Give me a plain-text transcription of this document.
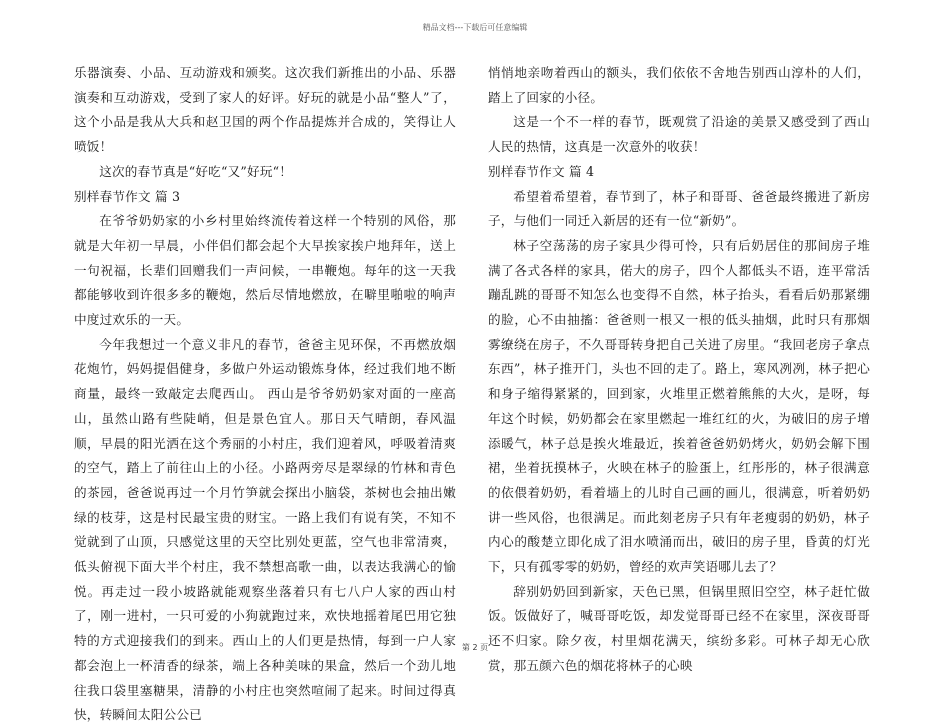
精品文档---下载后可任意编辑

乐器演奏、小品、互动游戏和颁奖。这次我们新推出的小品、乐器演奏和互动游戏，受到了家人的好评。好玩的就是小品“整人”了，这个小品是我从大兵和赵卫国的两个作品提炼并合成的，笑得让人喷饭！

这次的春节真是“好吃“又”好玩“！

别样春节作文 篇 3

在爷爷奶奶家的小乡村里始终流传着这样一个特别的风俗，那就是大年初一早晨，小伴侣们都会起个大早挨家挨户地拜年，送上一句祝福，长辈们回赠我们一声问候，一串鞭炮。每年的这一天我都能够收到许很多多的鞭炮，然后尽情地燃放，在噼里啪啦的响声中度过欢乐的一天。

今年我想过一个意义非凡的春节，爸爸主见环保，不再燃放烟花炮竹，妈妈提倡健身，多做户外运动锻炼身体，经过我们地不断商量，最终一致敲定去爬西山。 西山是爷爷奶奶家对面的一座高山，虽然山路有些陡峭，但是景色宜人。那日天气晴朗，春风温顺，早晨的阳光洒在这个秀丽的小村庄，我们迎着风，呼吸着清爽的空气，踏上了前往山上的小径。小路两旁尽是翠绿的竹林和青色的茶园，爸爸说再过一个月竹笋就会探出小脑袋，茶树也会抽出嫩绿的枝芽，这是村民最宝贵的财宝。一路上我们有说有笑，不知不觉就到了山顶，只感觉这里的天空比别处更蓝，空气也非常清爽，低头俯视下面大半个村庄，我不禁想高歌一曲，以表达我满心的愉悦。再走过一段小坡路就能观察坐落着只有七八户人家的西山村了，刚一进村，一只可爱的小狗就跑过来，欢快地摇着尾巴用它独特的方式迎接我们的到来。西山上的人们更是热情，每到一户人家都会泡上一杯清香的绿茶，端上各种美味的果盒，然后一个劲儿地往我口袋里塞糖果，清静的小村庄也突然喧闹了起来。时间过得真快，转瞬间太阳公公已

悄悄地亲吻着西山的额头，我们依依不舍地告别西山淳朴的人们，踏上了回家的小径。

这是一个不一样的春节，既观赏了沿途的美景又感受到了西山人民的热情，这真是一次意外的收获！

别样春节作文 篇 4

希望着希望着，春节到了，林子和哥哥、爸爸最终搬进了新房子，与他们一同迁入新居的还有一位“新奶”。

林子空荡荡的房子家具少得可怜，只有后奶居住的那间房子堆满了各式各样的家具，偌大的房子，四个人都低头不语，连平常活蹦乱跳的哥哥不知怎么也变得不自然，林子抬头，看看后奶那紧绷的脸，心不由抽搐：爸爸则一根又一根的低头抽烟，此时只有那烟雾缭绕在房子，不久哥哥转身把自己关进了房里。“我回老房子拿点东西”，林子推开门，头也不回的走了。路上，寒风冽冽，林子把心和身子缩得紧紧的，回到家，火堆里正燃着熊熊的大火，是呀，每年这个时候，奶奶都会在家里燃起一堆红红的火，为破旧的房子增添暖气，林子总是挨火堆最近，挨着爸爸奶奶烤火，奶奶会解下围裙，坐着抚摸林子，火映在林子的脸蛋上，红彤彤的，林子很满意的依偎着奶奶，看着墙上的儿时自己画的画儿，很满意，听着奶奶讲一些风俗，也很满足。而此刻老房子只有年老瘦弱的奶奶，林子内心的酸楚立即化成了泪水喷涌而出，破旧的房子里，昏黄的灯光下，只有孤零零的奶奶，曾经的欢声笑语哪儿去了？

辞别奶奶回到新家，天色已黑，但锅里照旧空空，林子赶忙做饭。饭做好了，喊哥哥吃饭，却发觉哥哥已经不在家里，深夜哥哥还不归家。除夕夜，村里烟花满天，缤纷多彩。可林子却无心欣赏，那五颜六色的烟花将林子的心映

第 2 页
